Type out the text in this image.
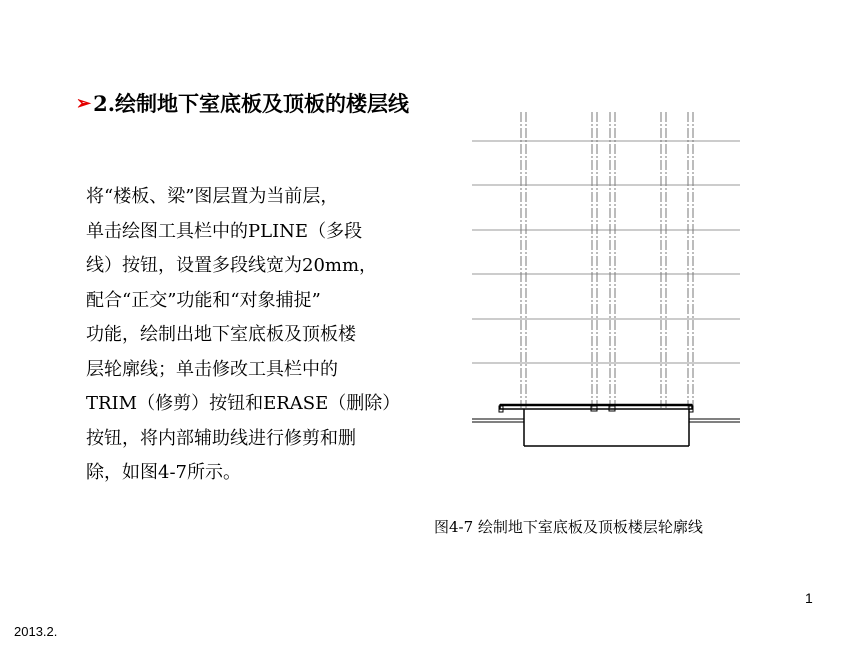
➢ 2.绘制地下室底板及顶板的楼层线
将“楼板、梁”图层置为当前层，
单击绘图工具栏中的PLINE（多段
线）按钮，设置多段线宽为20mm，
配合“正交”功能和“对象捕捉”
功能，绘制出地下室底板及顶板楼
层轮廓线；单击修改工具栏中的
TRIM（修剪）按钮和ERASE（删除）
按钮，将内部辅助线进行修剪和删
除，如图4-7所示。
图4-7 绘制地下室底板及顶板楼层轮廓线
1
2013.2.
